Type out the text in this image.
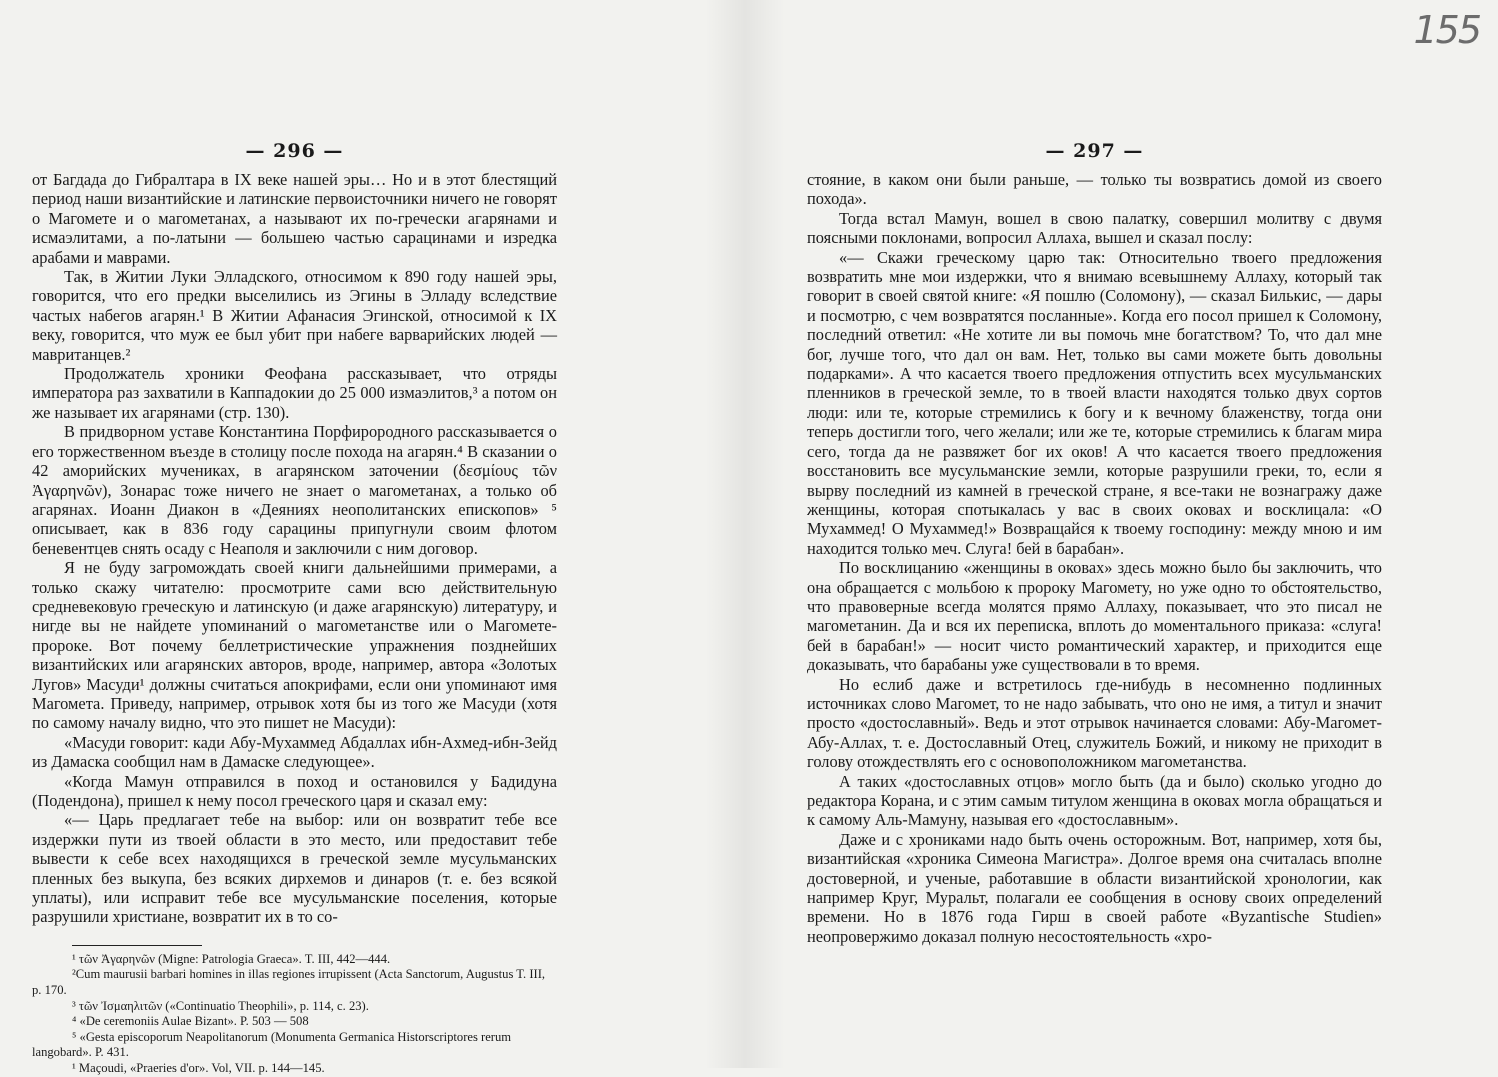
— 296 —

от Багдада до Гибралтара в IX веке нашей эры… Но и в этот блестящий период наши византийские и латинские первоисточники ничего не говорят о Магомете и о магометанах, а называют их по-гречески агарянами и исмаэлитами, а по-латыни — большею частью сарацинами и изредка арабами и маврами.

Так, в Житии Луки Элладского, относимом к 890 году нашей эры, говорится, что его предки выселились из Эгины в Элладу вследствие частых набегов агарян.¹ В Житии Афанасия Эгинской, относимой к IX веку, говорится, что муж ее был убит при набеге варварийских людей — мавританцев.²

Продолжатель хроники Феофана рассказывает, что отряды императора раз захватили в Каппадокии до 25 000 измаэлитов,³ а потом он же называет их агарянами (стр. 130).

В придворном уставе Константина Порфирородного рассказывается о его торжественном въезде в столицу после похода на агарян.⁴ В сказании о 42 аморийских мучениках, в агарянском заточении (δεσμίους τῶν Ἀγαρηνῶν), Зонарас тоже ничего не знает о магометанах, а только об агарянах. Иоанн Диакон в «Деяниях неополитанских епископов» ⁵ описывает, как в 836 году сарацины припугнули своим флотом беневентцев снять осаду с Неаполя и заключили с ним договор.

Я не буду загромождать своей книги дальнейшими примерами, а только скажу читателю: просмотрите сами всю действительную средневековую греческую и латинскую (и даже агарянскую) литературу, и нигде вы не найдете упоминаний о магометанстве или о Магомете-пророке. Вот почему беллетристические упражнения позднейших византийских или агарянских авторов, вроде, например, автора «Золотых Лугов» Масуди¹ должны считаться апокрифами, если они упоминают имя Магомета. Приведу, например, отрывок хотя бы из того же Масуди (хотя по самому началу видно, что это пишет не Масуди):

«Масуди говорит: кади Абу-Мухаммед Абдаллах ибн-Ахмед-ибн-Зейд из Дамаска сообщил нам в Дамаске следующее».

«Когда Мамун отправился в поход и остановился у Бадидуна (Подендона), пришел к нему посол греческого царя и сказал ему:

«— Царь предлагает тебе на выбор: или он возвратит тебе все издержки пути из твоей области в это место, или предоставит тебе вывести к себе всех находящихся в греческой земле мусульманских пленных без выкупа, без всяких дирхемов и динаров (т. е. без всякой уплаты), или исправит тебе все мусульманские поселения, которые разрушили христиане, возвратит их в то со-

¹ τῶν Ἀγαρηνῶν (Migne: Patrologia Graeca». T. III, 442—444.

²Cum maurusii barbari homines in illas regiones irrupissent (Acta Sanctorum, Augustus T. III, p. 170.

³ τῶν Ἰσμαηλιτῶν («Continuatio Theophili», p. 114, c. 23).

⁴ «De ceremoniis Aulae Bizant». P. 503 — 508

⁵ «Gesta episcoporum Neapolitanorum (Monumenta Germanica Historscriptores rerum langobard». P. 431.

¹ Maçoudi, «Praeries d'or». Vol, VII. p. 144—145.

— 297 —

стояние, в каком они были раньше, — только ты возвратись домой из своего похода».

Тогда встал Мамун, вошел в свою палатку, совершил молитву с двумя поясными поклонами, вопросил Аллаха, вышел и сказал послу:

«— Скажи греческому царю так: Относительно твоего предложения возвратить мне мои издержки, что я внимаю всевышнему Аллаху, который так говорит в своей святой книге: «Я пошлю (Соломону), — сказал Билькис, — дары и посмотрю, с чем возвратятся посланные». Когда его посол пришел к Соломону, последний ответил: «Не хотите ли вы помочь мне богатством? То, что дал мне бог, лучше того, что дал он вам. Нет, только вы сами можете быть довольны подарками». А что касается твоего предложения отпустить всех мусульманских пленников в греческой земле, то в твоей власти находятся только двух сортов люди: или те, которые стремились к богу и к вечному блаженству, тогда они теперь достигли того, чего желали; или же те, которые стремились к благам мира сего, тогда да не развяжет бог их оков! А что касается твоего предложения восстановить все мусульманские земли, которые разрушили греки, то, если я вырву последний из камней в греческой стране, я все-таки не вознагражу даже женщины, которая спотыкалась у вас в своих оковах и восклицала: «О Мухаммед! О Мухаммед!» Возвращайся к твоему господину: между мною и им находится только меч. Слуга! бей в барабан».

По восклицанию «женщины в оковах» здесь можно было бы заключить, что она обращается с мольбою к пророку Магомету, но уже одно то обстоятельство, что правоверные всегда молятся прямо Аллаху, показывает, что это писал не магометанин. Да и вся их переписка, вплоть до моментального приказа: «слуга! бей в барабан!» — носит чисто романтический характер, и приходится еще доказывать, что барабаны уже существовали в то время.

Но еслиб даже и встретилось где-нибудь в несомненно подлинных источниках слово Магомет, то не надо забывать, что оно не имя, а титул и значит просто «достославный». Ведь и этот отрывок начинается словами: Абу-Магомет-Абу-Аллах, т. е. Достославный Отец, служитель Божий, и никому не приходит в голову отождествлять его с основоположником магометанства.

А таких «достославных отцов» могло быть (да и было) сколько угодно до редактора Корана, и с этим самым титулом женщина в оковах могла обращаться и к самому Аль-Мамуну, называя его «достославным».

Даже и с хрониками надо быть очень осторожным. Вот, например, хотя бы, византийская «хроника Симеона Магистра». Долгое время она считалась вполне достоверной, и ученые, работавшие в области византийской хронологии, как например Круг, Муральт, полагали ее сообщения в основу своих определений времени. Но в 1876 года Гирш в своей работе «Byzantische Studien» неопровержимо доказал полную несостоятельность «хро-

155
